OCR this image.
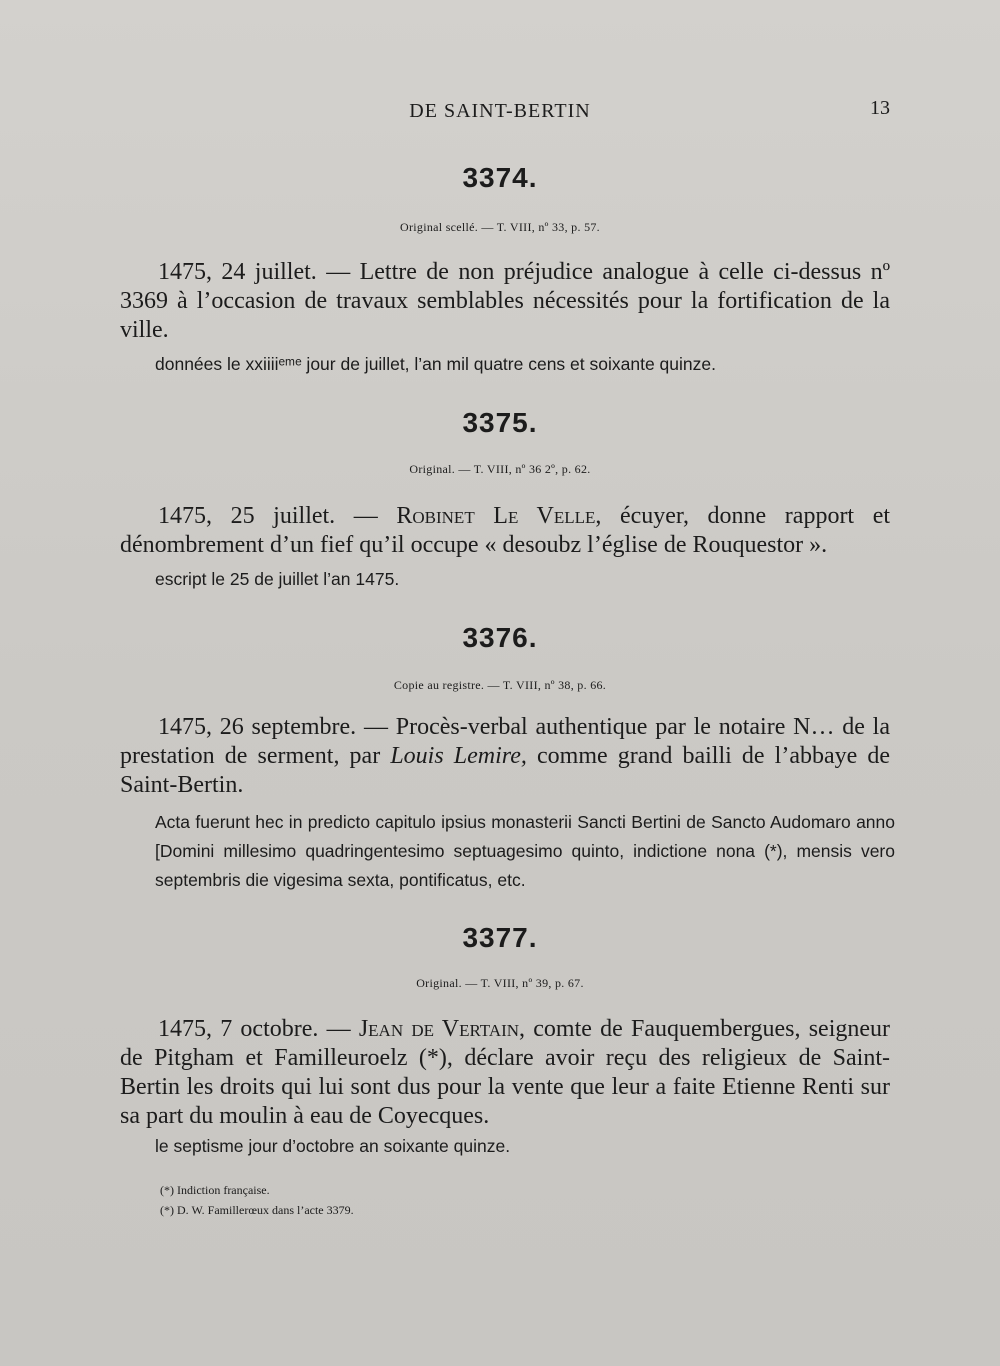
DE SAINT-BERTIN	13
3374.
Original scellé. — T. VIII, nº 33, p. 57.
1475, 24 juillet. — Lettre de non préjudice analogue à celle ci-dessus nº 3369 à l’occasion de travaux semblables nécessités pour la fortification de la ville.
données le xxiiiiᵉᵐᵉ jour de juillet, l’an mil quatre cens et soixante quinze.
3375.
Original. — T. VIII, nº 36 2º, p. 62.
1475, 25 juillet. — Robinet Le Velle, écuyer, donne rapport et dénombrement d’un fief qu’il occupe « desoubz l’église de Rouquestor ».
escript le 25 de juillet l’an 1475.
3376.
Copie au registre. — T. VIII, nº 38, p. 66.
1475, 26 septembre. — Procès-verbal authentique par le notaire N… de la prestation de serment, par Louis Lemire, comme grand bailli de l’abbaye de Saint-Bertin.
Acta fuerunt hec in predicto capitulo ipsius monasterii Sancti Bertini de Sancto Audomaro anno [Domini millesimo quadringentesimo septuagesimo quinto, indictione nona (*), mensis vero septembris die vigesima sexta, pontificatus, etc.
3377.
Original. — T. VIII, nº 39, p. 67.
1475, 7 octobre. — Jean de Vertain, comte de Fauquembergues, seigneur de Pitgham et Familleuroelz (*), déclare avoir reçu des religieux de Saint-Bertin les droits qui lui sont dus pour la vente que leur a faite Etienne Renti sur sa part du moulin à eau de Coyecques.
le septisme jour d’octobre an soixante quinze.
(*) Indiction française.
(*) D. W. Famillerœux dans l’acte 3379.
